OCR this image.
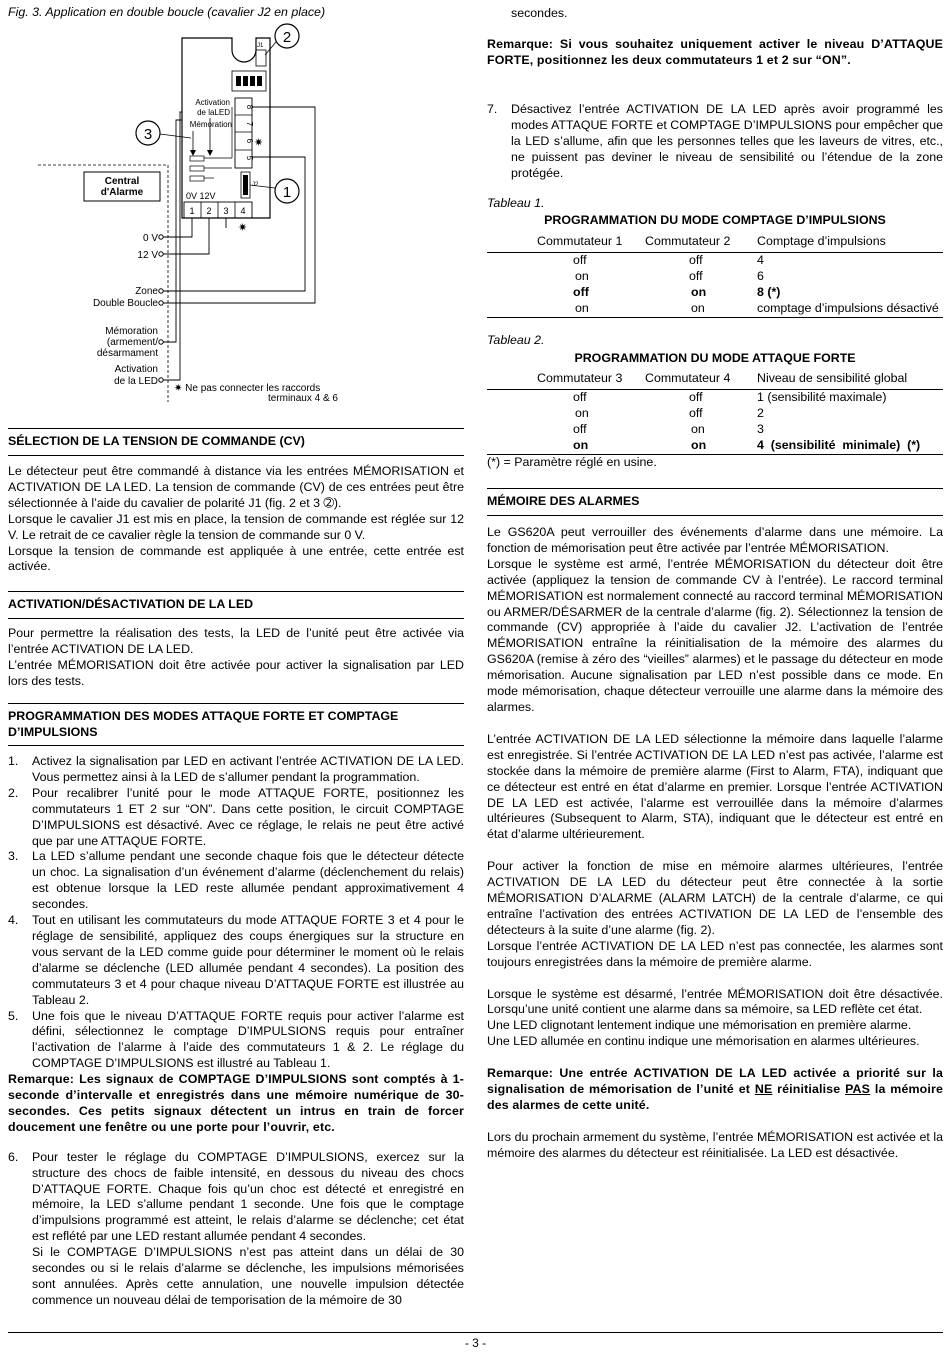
Fig. 3. Application en double boucle (cavalier J2 en place)
J1
8
7
6
5
✷
J2
Activation
de laLED
Mémoration
0V 12V
1 2 3 4
✷
2
3
1
Central
d'Alarme
0 V
12 V
Zone
Double Boucle
Mémoration
(armement/
désarmament
Activation
de la LED
✷ Ne pas connecter les raccords
terminaux 4 & 6
SÉLECTION DE LA TENSION DE COMMANDE (CV)

Le détecteur peut être commandé à distance via les entrées MÉMORISATION et ACTIVATION DE LA LED. La tension de commande (CV) de ces entrées peut être sélectionnée à l’aide du cavalier de polarité J1 (fig. 2 et 3 ➁).

Lorsque le cavalier J1 est mis en place, la tension de commande est réglée sur 12 V. Le retrait de ce cavalier règle la tension de commande sur 0 V.

Lorsque la tension de commande est appliquée à une entrée, cette entrée est activée.

ACTIVATION/DÉSACTIVATION DE LA LED

Pour permettre la réalisation des tests, la LED de l’unité peut être activée via l’entrée ACTIVATION DE LA LED.

L’entrée MÉMORISATION doit être activée pour activer la signalisation par LED lors des tests.

PROGRAMMATION DES MODES ATTAQUE FORTE ET COMPTAGE D’IMPULSIONS
1.	Activez la signalisation par LED en activant l’entrée ACTIVATION DE LA LED. Vous permettez ainsi à la LED de s’allumer pendant la programmation.
2.	Pour recalibrer l’unité pour le mode ATTAQUE FORTE, positionnez les commutateurs 1 ET 2 sur “ON”. Dans cette position, le circuit COMPTAGE D’IMPULSIONS est désactivé. Avec ce réglage, le relais ne peut être activé que par une ATTAQUE FORTE.
3.	La LED s’allume pendant une seconde chaque fois que le détecteur détecte un choc. La signalisation d’un événement d’alarme (déclenchement du relais) est obtenue lorsque la LED reste allumée pendant approximativement 4 secondes.
4.	Tout en utilisant les commutateurs du mode ATTAQUE FORTE 3 et 4 pour le réglage de sensibilité, appliquez des coups énergiques sur la structure en vous servant de la LED comme guide pour déterminer le moment où le relais d’alarme se déclenche (LED allumée pendant 4 secondes). La position des commutateurs 3 et 4 pour chaque niveau D’ATTAQUE FORTE est illustrée au Tableau 2.
5.	Une fois que le niveau D’ATTAQUE FORTE requis pour activer l’alarme est défini, sélectionnez le comptage D’IMPULSIONS requis pour entraîner l’activation de l’alarme à l’aide des commutateurs 1 & 2. Le réglage du COMPTAGE D’IMPULSIONS est illustré au Tableau 1.

Remarque: Les signaux de COMPTAGE D’IMPULSIONS sont comptés à 1- seconde d’intervalle et enregistrés dans une mémoire numérique de 30-secondes. Ces petits signaux détectent un intrus en train de forcer doucement une fenêtre ou une porte pour l’ouvrir, etc.

6.	Pour tester le réglage du COMPTAGE D’IMPULSIONS, exercez sur la structure des chocs de faible intensité, en dessous du niveau des chocs D’ATTAQUE FORTE. Chaque fois qu’un choc est détecté et enregistré en mémoire, la LED s’allume pendant 1 seconde. Une fois que le comptage d’impulsions programmé est atteint, le relais d’alarme se déclenche; cet état est reflété par une LED restant allumée pendant 4 secondes.
Si le COMPTAGE D’IMPULSIONS n’est pas atteint dans un délai de 30 secondes ou si le relais d’alarme se déclenche, les impulsions mémorisées sont annulées. Après cette annulation, une nouvelle impulsion détectée commence un nouveau délai de temporisation de la mémoire de 30
secondes.

Remarque: Si vous souhaitez uniquement activer le niveau D’ATTAQUE FORTE, positionnez les deux commutateurs 1 et 2 sur “ON”.

7.	Désactivez l’entrée ACTIVATION DE LA LED après avoir programmé les modes ATTAQUE FORTE et COMPTAGE D’IMPULSIONS pour empêcher que la LED s’allume, afin que les personnes telles que les laveurs de vitres, etc., ne puissent pas deviner le niveau de sensibilité ou l’étendue de la zone protégée.
Tableau 1.
PROGRAMMATION DU MODE COMPTAGE D’IMPULSIONS
Commutateur 1	Commutateur 2	Comptage d’impulsions
off	off	4
on	off	6
off	on	8 (*)
on	on	comptage d’impulsions désactivé
Tableau 2.
PROGRAMMATION DU MODE ATTAQUE FORTE
Commutateur 3	Commutateur 4	Niveau de sensibilité global
off	off	1 (sensibilité maximale)
on	off	2
off	on	3
on	on	4  (sensibilité  minimale)  (*)
(*) = Paramètre réglé en usine.
MÉMOIRE DES ALARMES

Le GS620A peut verrouiller des événements d’alarme dans une mémoire. La fonction de mémorisation peut être activée par l’entrée MÉMORISATION.

Lorsque le système est armé, l’entrée MÉMORISATION du détecteur doit être activée (appliquez la tension de commande CV à l’entrée). Le raccord terminal MÉMORISATION est normalement connecté au raccord terminal MÉMORISATION ou ARMER/DÉSARMER de la centrale d’alarme (fig. 2). Sélectionnez la tension de commande (CV) appropriée à l’aide du cavalier J2. L’activation de l’entrée MÉMORISATION entraîne la réinitialisation de la mémoire des alarmes du GS620A (remise à zéro des “vieilles” alarmes) et le passage du détecteur en mode mémorisation. Aucune signalisation par LED n’est possible dans ce mode. En mode mémorisation, chaque détecteur verrouille une alarme dans la mémoire des alarmes.

L’entrée ACTIVATION DE LA LED sélectionne la mémoire dans laquelle l’alarme est enregistrée. Si l’entrée ACTIVATION DE LA LED n’est pas activée, l’alarme est stockée dans la mémoire de première alarme (First to Alarm, FTA), indiquant que ce détecteur est entré en état d’alarme en premier. Lorsque l’entrée ACTIVATION DE LA LED est activée, l’alarme est verrouillée dans la mémoire d’alarmes ultérieures (Subsequent to Alarm, STA), indiquant que le détecteur est entré en état d’alarme ultérieurement.

Pour activer la fonction de mise en mémoire alarmes ultérieures, l’entrée ACTIVATION DE LA LED du détecteur peut être connectée à la sortie MÉMORISATION D’ALARME (ALARM LATCH) de la centrale d’alarme, ce qui entraîne l’activation des entrées ACTIVATION DE LA LED de l’ensemble des détecteurs à la suite d’une alarme (fig. 2).

Lorsque l’entrée ACTIVATION DE LA LED n’est pas connectée, les alarmes sont toujours enregistrées dans la mémoire de première alarme.

Lorsque le système est désarmé, l’entrée MÉMORISATION doit être désactivée. Lorsqu’une unité contient une alarme dans sa mémoire, sa LED reflète cet état.

Une LED clignotant lentement indique une mémorisation en première alarme.

Une LED allumée en continu indique une mémorisation en alarmes ultérieures.

Remarque: Une entrée ACTIVATION DE LA LED activée a priorité sur la signalisation de mémorisation de l’unité et NE réinitialise PAS la mémoire des alarmes de cette unité.

Lors du prochain armement du système, l’entrée MÉMORISATION est activée et la mémoire des alarmes du détecteur est réinitialisée. La LED est désactivée.

- 3 -
